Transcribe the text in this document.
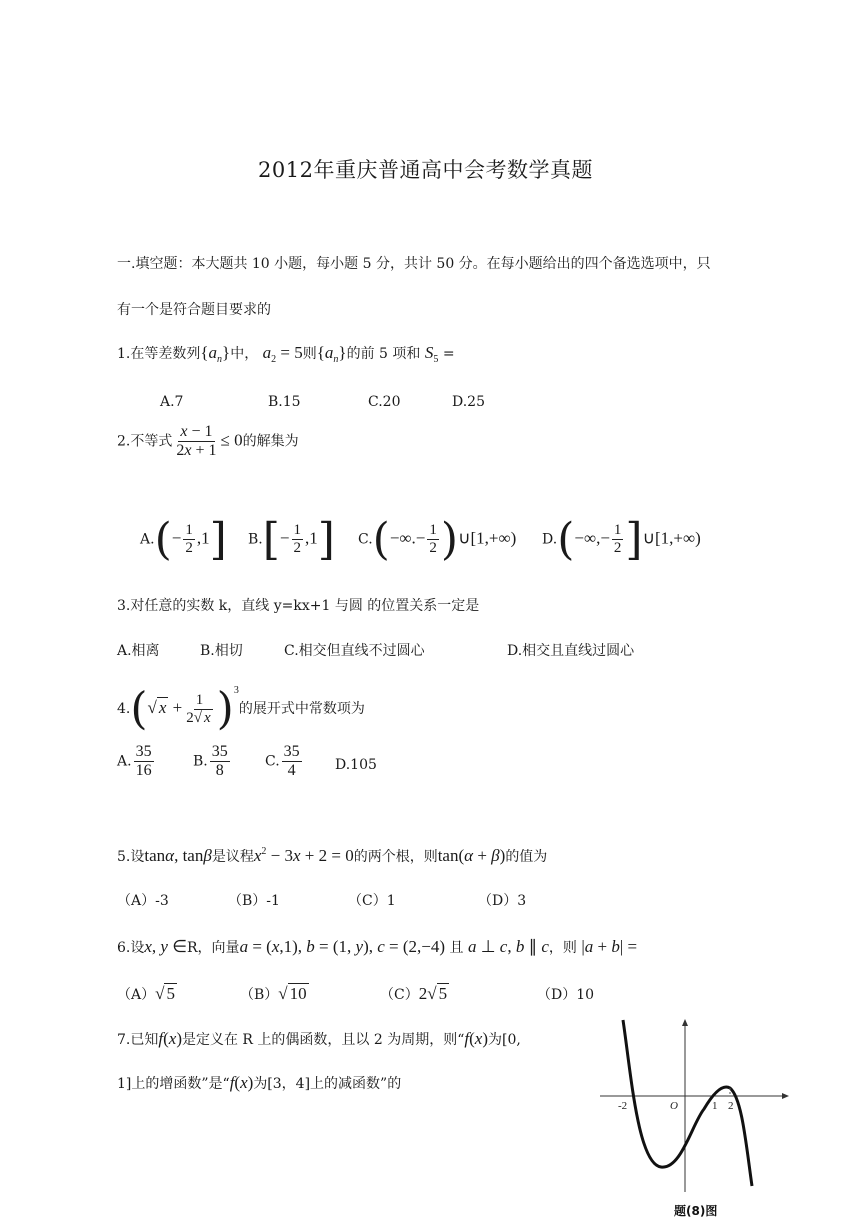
2012年重庆普通高中会考数学真题
一.填空题：本大题共 10 小题，每小题 5 分，共计 50 分。在每小题给出的四个备选选项中，只
有一个是符合题目要求的
1.在等差数列$\{a_n\}$中， $a_2 = 5$则$\{a_n\}$的前 5 项和 $S_5$ =
A.7	B.15	C.20	D.25
2.不等式 $\frac{x - 1}{2x + 1} \le 0$的解集为
$A.(- \frac{1}{2} ,1]$ $B.[- \frac{1}{2} ,1]$ $C.(-\infty.- \frac{1}{2}$ )∪[1,+∞) $D.(-\infty,- \frac{1}{2}$ ]∪[1,+∞)
3.对任意的实数 k，直线 y=kx+1 与圆 的位置关系一定是
A.相离	B.相切	C.相交但直线不过圆心	D.相交且直线过圆心
4.(√ $x + \frac{1}{2√ x} )^3$的展开式中常数项为
A. $\frac{35}{16}$	B. $\frac{35}{8}$	C. $\frac{35}{4} D.105$
5.设tanα, tanβ是议程$x^2 - 3x + 2 = 0$的两个根，则tan(α + β)的值为
（A）-3	（B）-1	（C）1	（D）3
6.设x, y ∈R，向量a = (x,1), b = (1, y), c = (2,−4) 且 a ⊥ c, b ∥ c，则 |a + b| =
（A）√ 5	（B）√ 10	（C）2√ 5	（D）10
7.已知f(x)是定义在 R 上的偶函数，且以 2 为周期，则“f(x)为[0,
1]上的增函数”是“f(x)为[3，4]上的减函数”的
-2	O	1 2
题(8)图
